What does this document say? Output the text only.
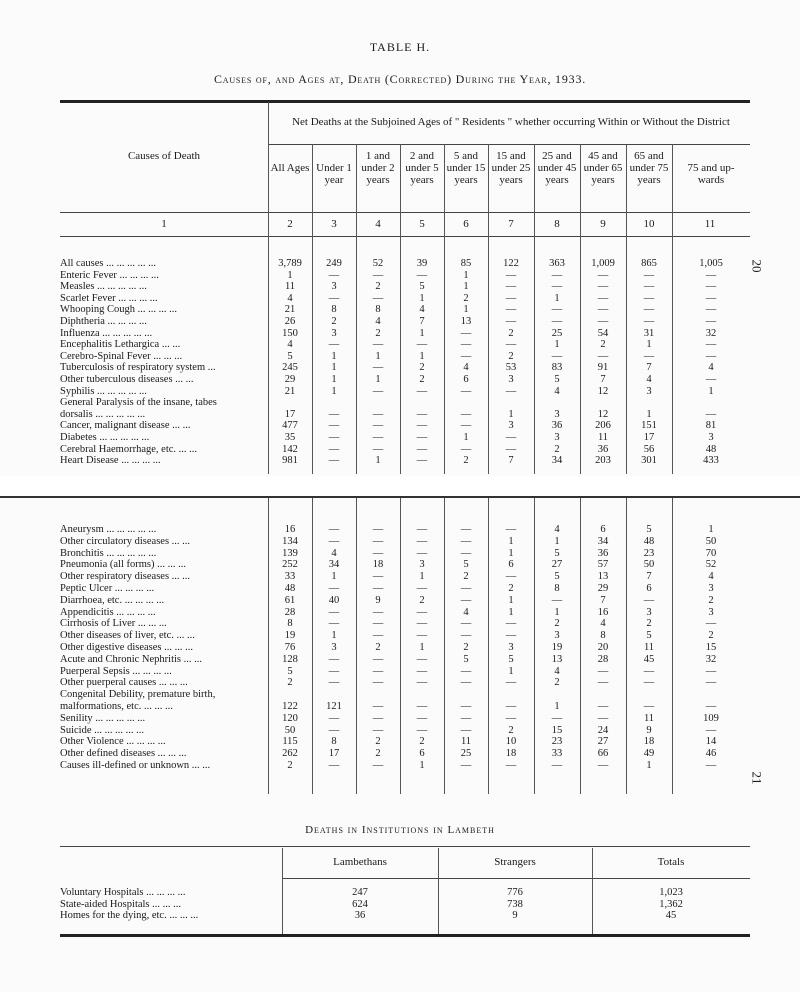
TABLE H.
Causes of, and Ages at, Death (Corrected) During the Year, 1933.
20
21
Causes of Death
Net Deaths at the Subjoined Ages of " Residents " whether occurring Within or Without the District
All Ages Under 1 year
1 and under 2 years
2 and under 5 years
5 and under 15 years
15 and under 25 years
25 and under 45 years
45 and under 65 years
65 and under 75 years
75 and up-wards
1	2	3	4	5	6	7	8	9	10	11
All causes ... ... ... ... ...	3,789	249	52	39	85	122	363	1,009	865	1,005
Enteric Fever ... ... ... ...	1	—	—	—	1	—	—	—	—	—
Measles ... ... ... ... ...	11	3	2	5	1	—	—	—	—	—
Scarlet Fever ... ... ... ...	4	—	—	1	2	—	1	—	—	—
Whooping Cough ... ... ... ...	21	8	8	4	1	—	—	—	—	—
Diphtheria ... ... ... ...	26	2	4	7	13	—	—	—	—	—
Influenza ... ... ... ... ...	150	3	2	1	—	2	25	54	31	32
Encephalitis Lethargica ... ...	4	—	—	—	—	—	1	2	1	—
Cerebro-Spinal Fever ... ... ...	5	1	1	1	—	2	—	—	—	—
Tuberculosis of respiratory system ...	245	1	—	2	4	53	83	91	7	4
Other tuberculous diseases ... ...	29	1	1	2	6	3	5	7	4	—
Syphilis ... ... ... ... ...	21	1	—	—	—	—	4	12	3	1
General Paralysis of the insane, tabes
dorsalis ... ... ... ... ...	17	—	—	—	—	1	3	12	1	—
Cancer, malignant disease ... ...	477	—	—	—	—	3	36	206	151	81
Diabetes ... ... ... ... ...	35	—	—	—	1	—	3	11	17	3
Cerebral Haemorrhage, etc. ... ...	142	—	—	—	—	—	2	36	56	48
Heart Disease ... ... ... ...	981	—	1	—	2	7	34	203	301	433
Aneurysm ... ... ... ... ...	16	—	—	—	—	—	4	6	5	1
Other circulatory diseases ... ...	134	—	—	—	—	1	1	34	48	50
Bronchitis ... ... ... ... ...	139	4	—	—	—	1	5	36	23	70
Pneumonia (all forms) ... ... ...	252	34	18	3	5	6	27	57	50	52
Other respiratory diseases ... ...	33	1	—	1	2	—	5	13	7	4
Peptic Ulcer ... ... ... ...	48	—	—	—	—	2	8	29	6	3
Diarrhoea, etc. ... ... ... ...	61	40	9	2	—	1	—	7	—	2
Appendicitis ... ... ... ...	28	—	—	—	4	1	1	16	3	3
Cirrhosis of Liver ... ... ...	8	—	—	—	—	—	2	4	2	—
Other diseases of liver, etc. ... ...	19	1	—	—	—	—	3	8	5	2
Other digestive diseases ... ... ...	76	3	2	1	2	3	19	20	11	15
Acute and Chronic Nephritis ... ...	128	—	—	—	5	5	13	28	45	32
Puerperal Sepsis ... ... ... ...	5	—	—	—	—	1	4	—	—	—
Other puerperal causes ... ... ...	2	—	—	—	—	—	2	—	—	—
Congenital Debility, premature birth,
malformations, etc. ... ... ...	122	121	—	—	—	—	1	—	—	—
Senility ... ... ... ... ...	120	—	—	—	—	—	—	—	11	109
Suicide ... ... ... ... ...	50	—	—	—	—	2	15	24	9	—
Other Violence ... ... ... ...	115	8	2	2	11	10	23	27	18	14
Other defined diseases ... ... ...	262	17	2	6	25	18	33	66	49	46
Causes ill-defined or unknown ... ...	2	—	—	1	—	—	—	—	1	—
Deaths in Institutions in Lambeth
Lambethans	Strangers	Totals
Voluntary Hospitals ... ... ... ...	247	776	1,023
State-aided Hospitals ... ... ...	624	738	1,362
Homes for the dying, etc. ... ... ...	36	9	45
